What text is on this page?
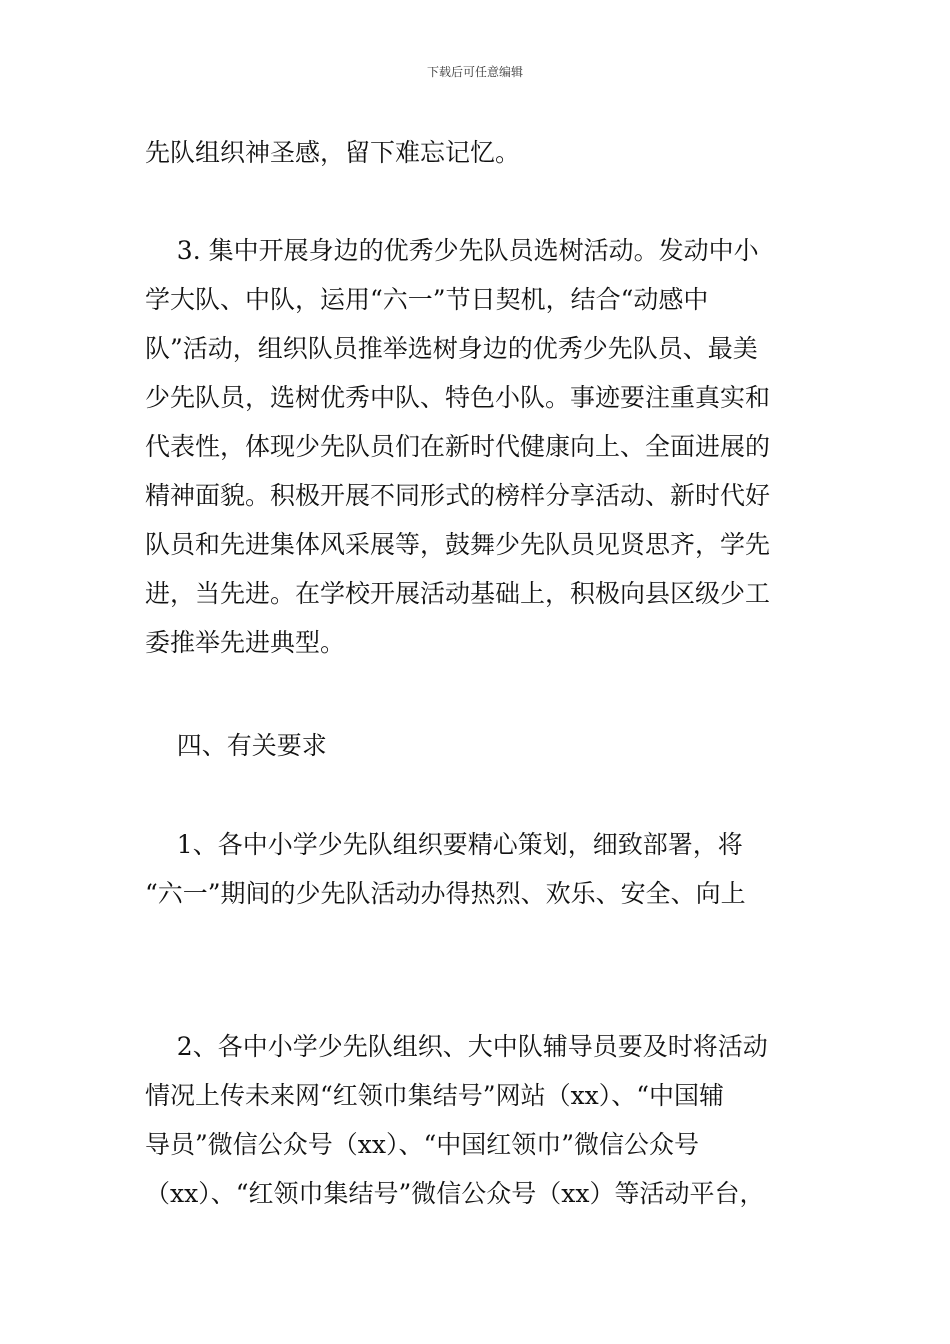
下载后可任意编辑
先队组织神圣感，留下难忘记忆。
3. 集中开展身边的优秀少先队员选树活动。发动中小
学大队、中队，运用“六一”节日契机，结合“动感中
队”活动，组织队员推举选树身边的优秀少先队员、最美
少先队员，选树优秀中队、特色小队。事迹要注重真实和
代表性，体现少先队员们在新时代健康向上、全面进展的
精神面貌。积极开展不同形式的榜样分享活动、新时代好
队员和先进集体风采展等，鼓舞少先队员见贤思齐，学先
进，当先进。在学校开展活动基础上，积极向县区级少工
委推举先进典型。
四、有关要求
1、各中小学少先队组织要精心策划，细致部署，将
“六一”期间的少先队活动办得热烈、欢乐、安全、向上
2、各中小学少先队组织、大中队辅导员要及时将活动
情况上传未来网“红领巾集结号”网站（xx）、“中国辅
导员”微信公众号（xx）、“中国红领巾”微信公众号
（xx）、“红领巾集结号”微信公众号（xx）等活动平台，
